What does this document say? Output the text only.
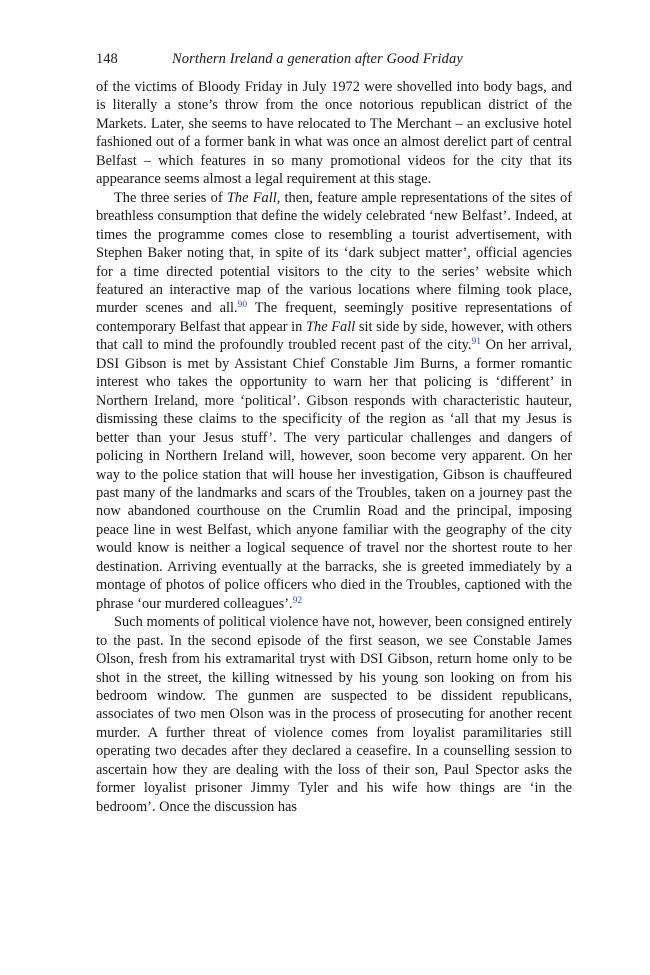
148	Northern Ireland a generation after Good Friday

of the victims of Bloody Friday in July 1972 were shovelled into body bags, and is literally a stone’s throw from the once notorious republican district of the Markets. Later, she seems to have relocated to The Merchant – an exclusive hotel fashioned out of a former bank in what was once an almost derelict part of central Belfast – which features in so many promotional videos for the city that its appearance seems almost a legal requirement at this stage.

The three series of The Fall, then, feature ample representations of the sites of breathless consumption that define the widely celebrated ‘new Belfast’. Indeed, at times the programme comes close to resembling a tourist advertisement, with Stephen Baker noting that, in spite of its ‘dark subject matter’, official agencies for a time directed potential visitors to the city to the series’ website which featured an interactive map of the various locations where filming took place, murder scenes and all.$^{90}$ The frequent, seemingly positive representations of contemporary Belfast that appear in The Fall sit side by side, however, with others that call to mind the profoundly troubled recent past of the city.$^{91}$ On her arrival, DSI Gibson is met by Assistant Chief Constable Jim Burns, a former romantic interest who takes the opportunity to warn her that policing is ‘different’ in Northern Ireland, more ‘political’. Gibson responds with characteristic hauteur, dismissing these claims to the specificity of the region as ‘all that my Jesus is better than your Jesus stuff’. The very particular challenges and dangers of policing in Northern Ireland will, however, soon become very apparent. On her way to the police station that will house her investigation, Gibson is chauffeured past many of the landmarks and scars of the Troubles, taken on a journey past the now abandoned courthouse on the Crumlin Road and the principal, imposing peace line in west Belfast, which anyone familiar with the geography of the city would know is neither a logical sequence of travel nor the shortest route to her destination. Arriving eventually at the barracks, she is greeted immediately by a montage of photos of police officers who died in the Troubles, captioned with the phrase ‘our murdered colleagues’.$^{92}$

Such moments of political violence have not, however, been consigned entirely to the past. In the second episode of the first season, we see Constable James Olson, fresh from his extramarital tryst with DSI Gibson, return home only to be shot in the street, the killing witnessed by his young son looking on from his bedroom window. The gunmen are suspected to be dissident republicans, associates of two men Olson was in the process of prosecuting for another recent murder. A further threat of violence comes from loyalist paramilitaries still operating two decades after they declared a ceasefire. In a counselling session to ascertain how they are dealing with the loss of their son, Paul Spector asks the former loyalist prisoner Jimmy Tyler and his wife how things are ‘in the bedroom’. Once the discussion has
